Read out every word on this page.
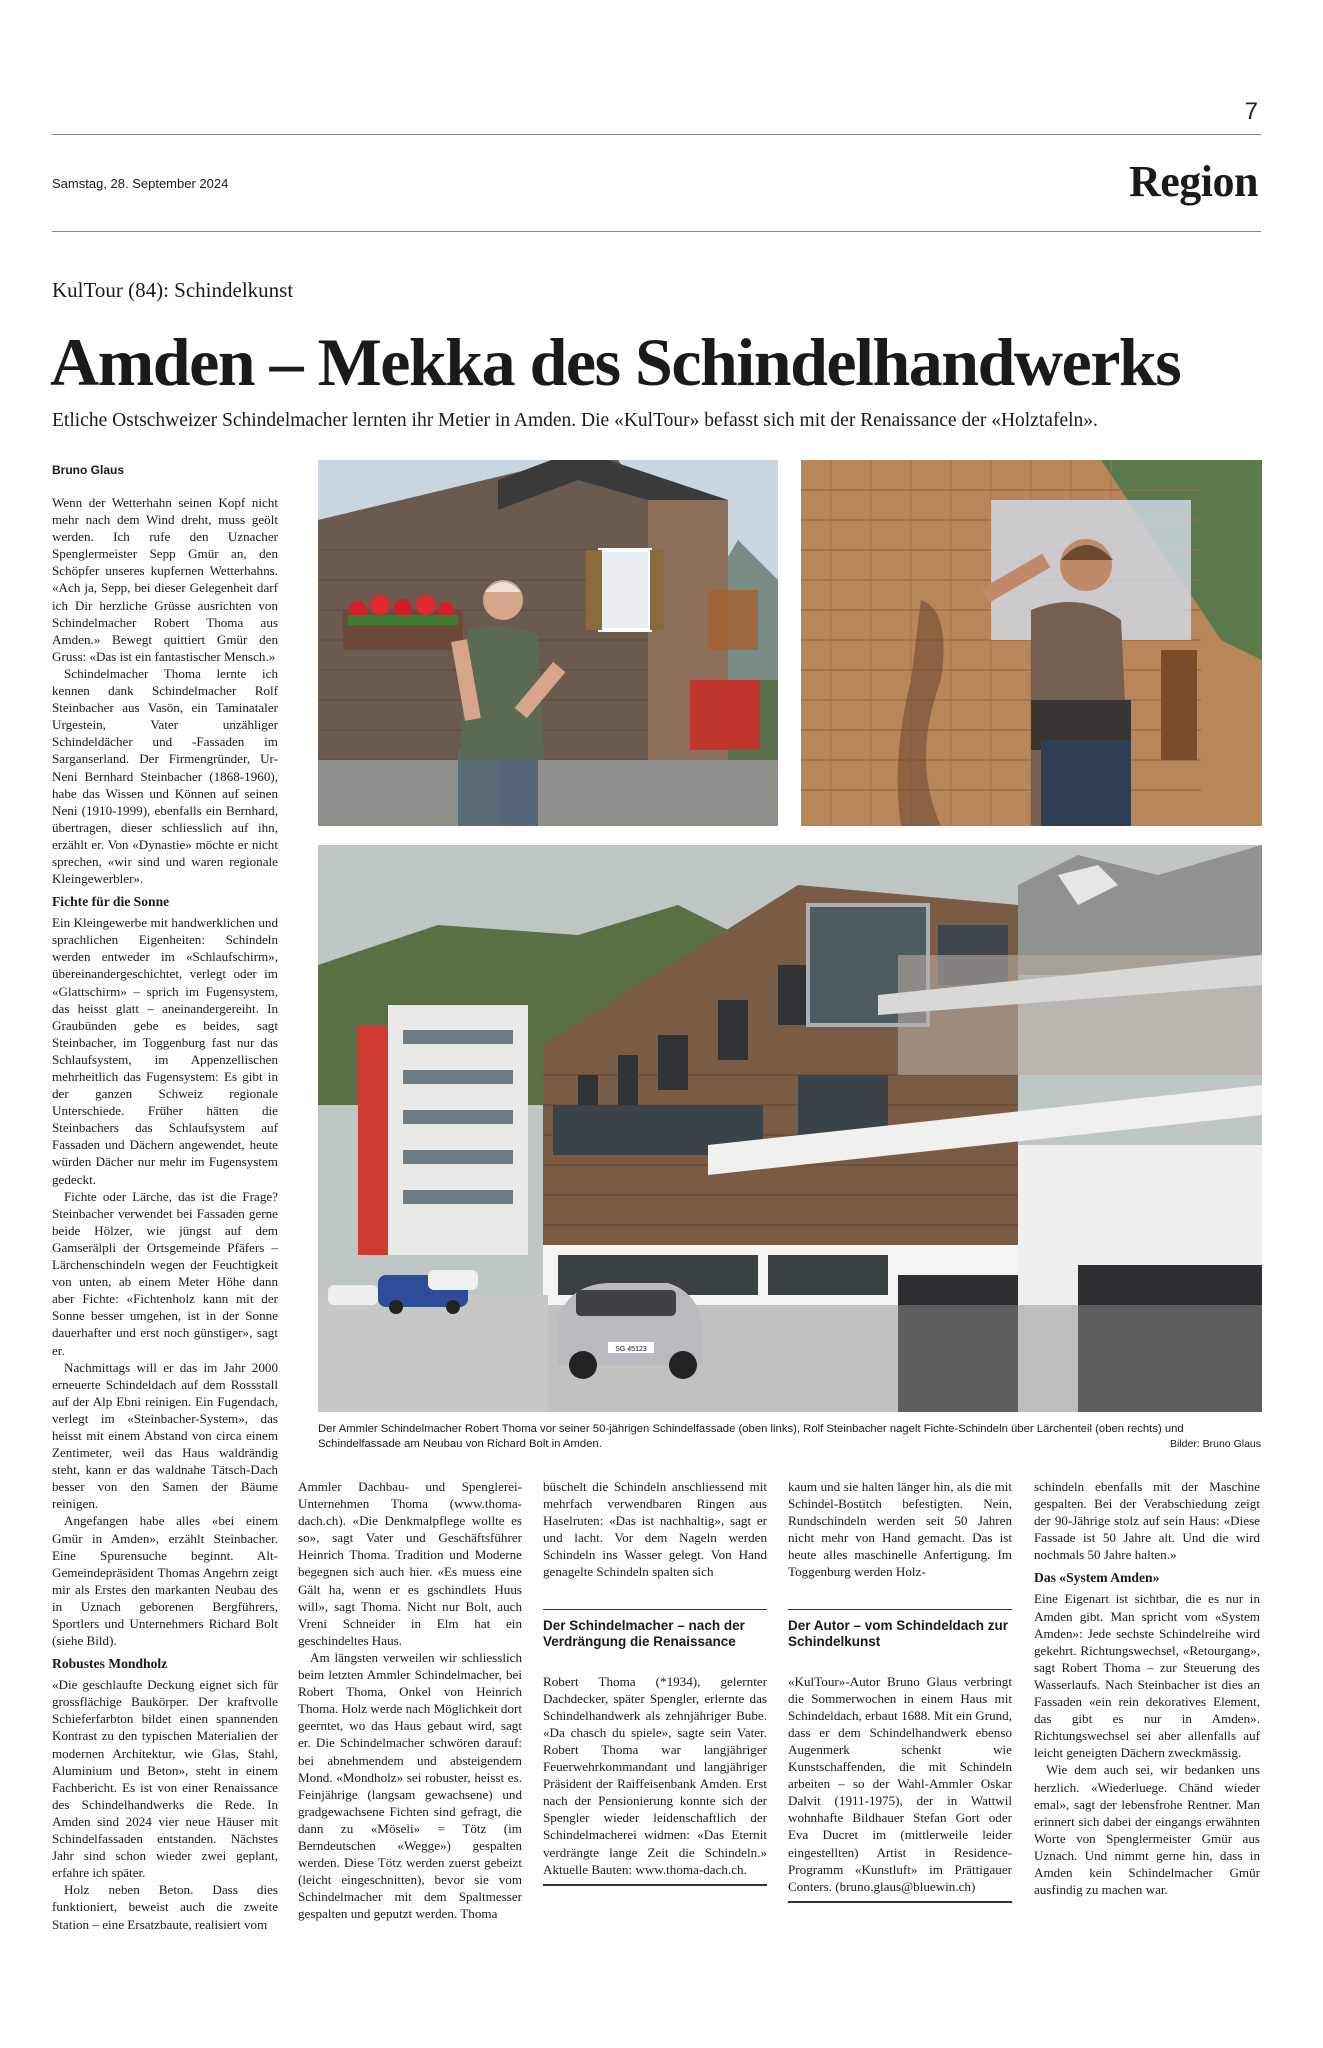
7
Samstag, 28. September 2024	Region
KulTour (84): Schindelkunst
Amden – Mekka des Schindelhandwerks
Etliche Ostschweizer Schindelmacher lernten ihr Metier in Amden. Die «KulTour» befasst sich mit der Renaissance der «Holztafeln».
Bruno Glaus

Wenn der Wetterhahn seinen Kopf nicht mehr nach dem Wind dreht, muss geölt werden. Ich rufe den Uznacher Spenglermeister Sepp Gmür an, den Schöpfer unseres kupfernen Wetterhahns. «Ach ja, Sepp, bei dieser Gelegenheit darf ich Dir herzliche Grüsse ausrichten von Schindelmacher Robert Thoma aus Amden.» Bewegt quittiert Gmür den Gruss: «Das ist ein fantastischer Mensch.»

Schindelmacher Thoma lernte ich kennen dank Schindelmacher Rolf Steinbacher aus Vasön, ein Taminataler Urgestein, Vater unzähliger Schindeldächer und -Fassaden im Sarganserland. Der Firmengründer, Ur-Neni Bernhard Steinbacher (1868-1960), habe das Wissen und Können auf seinen Neni (1910-1999), ebenfalls ein Bernhard, übertragen, dieser schliesslich auf ihn, erzählt er. Von «Dynastie» möchte er nicht sprechen, «wir sind und waren regionale Kleingewerbler».

Fichte für die Sonne

Ein Kleingewerbe mit handwerklichen und sprachlichen Eigenheiten: Schindeln werden entweder im «Schlaufschirm», übereinandergeschichtet, verlegt oder im «Glattschirm» – sprich im Fugensystem, das heisst glatt – aneinandergereiht. In Graubünden gebe es beides, sagt Steinbacher, im Toggenburg fast nur das Schlaufsystem, im Appenzellischen mehrheitlich das Fugensystem: Es gibt in der ganzen Schweiz regionale Unterschiede. Früher hätten die Steinbachers das Schlaufsystem auf Fassaden und Dächern angewendet, heute würden Dächer nur mehr im Fugensystem gedeckt.

Fichte oder Lärche, das ist die Frage? Steinbacher verwendet bei Fassaden gerne beide Hölzer, wie jüngst auf dem Gamserälpli der Ortsgemeinde Pfäfers – Lärchenschindeln wegen der Feuchtigkeit von unten, ab einem Meter Höhe dann aber Fichte: «Fichtenholz kann mit der Sonne besser umgehen, ist in der Sonne dauerhafter und erst noch günstiger», sagt er.

Nachmittags will er das im Jahr 2000 erneuerte Schindeldach auf dem Rossstall auf der Alp Ebni reinigen. Ein Fugendach, verlegt im «Steinbacher-System», das heisst mit einem Abstand von circa einem Zentimeter, weil das Haus waldrändig steht, kann er das waldnahe Tätsch-Dach besser von den Samen der Bäume reinigen.

Angefangen habe alles «bei einem Gmür in Amden», erzählt Steinbacher. Eine Spurensuche beginnt. Alt-Gemeindepräsident Thomas Angehrn zeigt mir als Erstes den markanten Neubau des in Uznach geborenen Bergführers, Sportlers und Unternehmers Richard Bolt (siehe Bild).

Robustes Mondholz

«Die geschlaufte Deckung eignet sich für grossflächige Baukörper. Der kraftvolle Schieferfarbton bildet einen spannenden Kontrast zu den typischen Materialien der modernen Architektur, wie Glas, Stahl, Aluminium und Beton», steht in einem Fachbericht. Es ist von einer Renaissance des Schindelhandwerks die Rede. In Amden sind 2024 vier neue Häuser mit Schindelfassaden entstanden. Nächstes Jahr sind schon wieder zwei geplant, erfahre ich später.

Holz neben Beton. Dass dies funktioniert, beweist auch die zweite Station – eine Ersatzbaute, realisiert vom

SG 45123
Der Ammler Schindelmacher Robert Thoma vor seiner 50-jährigen Schindelfassade (oben links), Rolf Steinbacher nagelt Fichte-Schindeln über Lärchenteil (oben rechts) und Schindelfassade am Neubau von Richard Bolt in Amden.	Bilder: Bruno Glaus

Ammler Dachbau- und Spenglerei-Unternehmen Thoma (www.thoma-dach.ch). «Die Denkmalpflege wollte es so», sagt Vater und Geschäftsführer Heinrich Thoma. Tradition und Moderne begegnen sich auch hier. «Es muess eine Gält ha, wenn er es gschindlets Huus will», sagt Thoma. Nicht nur Bolt, auch Vreni Schneider in Elm hat ein geschindeltes Haus.

Am längsten verweilen wir schliesslich beim letzten Ammler Schindelmacher, bei Robert Thoma, Onkel von Heinrich Thoma. Holz werde nach Möglichkeit dort geerntet, wo das Haus gebaut wird, sagt er. Die Schindelmacher schwören darauf: bei abnehmendem und absteigendem Mond. «Mondholz» sei robuster, heisst es. Feinjährige (langsam gewachsene) und gradgewachsene Fichten sind gefragt, die dann zu «Möseli» = Tötz (im Berndeutschen «Wegge») gespalten werden. Diese Tötz werden zuerst gebeizt (leicht eingeschnitten), bevor sie vom Schindelmacher mit dem Spaltmesser gespalten und geputzt werden. Thoma

büschelt die Schindeln anschliessend mit mehrfach verwendbaren Ringen aus Haselruten: «Das ist nachhaltig», sagt er und lacht. Vor dem Nageln werden Schindeln ins Wasser gelegt. Von Hand genagelte Schindeln spalten sich

Der Schindelmacher – nach der Verdrängung die Renaissance

Robert Thoma (*1934), gelernter Dachdecker, später Spengler, erlernte das Schindelhandwerk als zehnjähriger Bube. «Da chasch du spiele», sagte sein Vater. Robert Thoma war langjähriger Feuerwehrkommandant und langjähriger Präsident der Raiffeisenbank Amden. Erst nach der Pensionierung konnte sich der Spengler wieder leidenschaftlich der Schindelmacherei widmen: «Das Eternit verdrängte lange Zeit die Schindeln.» Aktuelle Bauten: www.thoma-dach.ch.

kaum und sie halten länger hin, als die mit Schindel-Bostitch befestigten. Nein, Rundschindeln werden seit 50 Jahren nicht mehr von Hand gemacht. Das ist heute alles maschinelle Anfertigung. Im Toggenburg werden Holz-

Der Autor – vom Schindeldach zur Schindelkunst

«KulTour»-Autor Bruno Glaus verbringt die Sommerwochen in einem Haus mit Schindeldach, erbaut 1688. Mit ein Grund, dass er dem Schindelhandwerk ebenso Augenmerk schenkt wie Kunstschaffenden, die mit Schindeln arbeiten – so der Wahl-Ammler Oskar Dalvit (1911-1975), der in Wattwil wohnhafte Bildhauer Stefan Gort oder Eva Ducret im (mittlerweile leider eingestellten) Artist in Residence-Programm «Kunstluft» im Prättigauer Conters. (bruno.glaus@bluewin.ch)

schindeln ebenfalls mit der Maschine gespalten. Bei der Verabschiedung zeigt der 90-Jährige stolz auf sein Haus: «Diese Fassade ist 50 Jahre alt. Und die wird nochmals 50 Jahre halten.»

Das «System Amden»

Eine Eigenart ist sichtbar, die es nur in Amden gibt. Man spricht vom «System Amden»: Jede sechste Schindelreihe wird gekehrt. Richtungswechsel, «Retourgang», sagt Robert Thoma – zur Steuerung des Wasserlaufs. Nach Steinbacher ist dies an Fassaden «ein rein dekoratives Element, das gibt es nur in Amden». Richtungswechsel sei aber allenfalls auf leicht geneigten Dächern zweckmässig.

Wie dem auch sei, wir bedanken uns herzlich. «Wiederluege. Chänd wieder emal», sagt der lebensfrohe Rentner. Man erinnert sich dabei der eingangs erwähnten Worte von Spenglermeister Gmür aus Uznach. Und nimmt gerne hin, dass in Amden kein Schindelmacher Gmür ausfindig zu machen war.
